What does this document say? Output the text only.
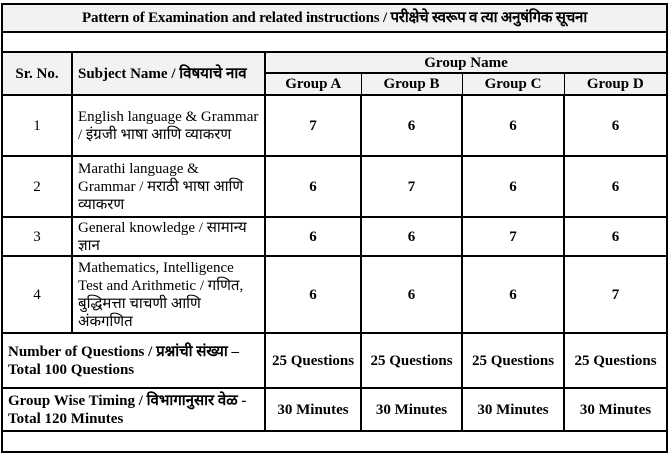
Pattern of Examination and related instructions / परीक्षेचे स्वरूप व त्या अनुषंगिक सूचना					

Sr. No.	Subject Name / विषयाचे नाव	Group Name			
		Group A	Group B	Group C	Group D
1	English language & Grammar / इंग्रजी भाषा आणि व्याकरण	7	6	6	6
2	Marathi language & Grammar / मराठी भाषा आणि व्याकरण	6	7	6	6
3	General knowledge / सामान्य ज्ञान	6	6	7	6
4	Mathematics, Intelligence Test and Arithmetic / गणित, बुद्धिमत्ता चाचणी आणि अंकगणित	6	6	6	7
Number of Questions / प्रश्नांची संख्या – Total 100 Questions		25 Questions	25 Questions	25 Questions	25 Questions
Group Wise Timing / विभागानुसार वेळ - Total 120 Minutes		30 Minutes	30 Minutes	30 Minutes	30 Minutes
